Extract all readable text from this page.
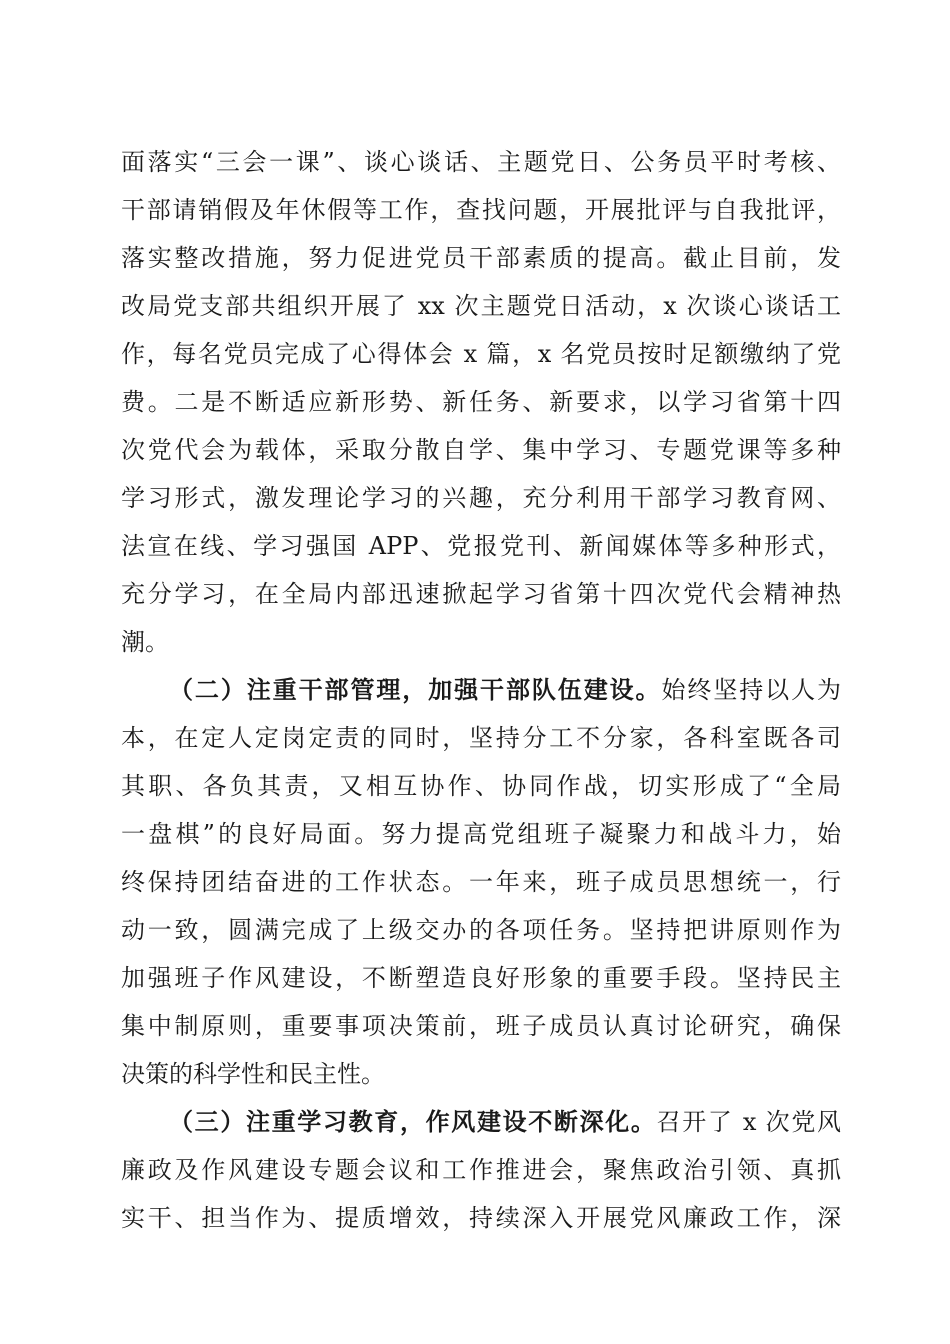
面落实“三会一课”、谈心谈话、主题党日、公务员平时考核、
干部请销假及年休假等工作，查找问题，开展批评与自我批评，
落实整改措施，努力促进党员干部素质的提高。截止目前，发
改局党支部共组织开展了 xx 次主题党日活动，x 次谈心谈话工
作，每名党员完成了心得体会 x 篇，x 名党员按时足额缴纳了党
费。二是不断适应新形势、新任务、新要求，以学习省第十四
次党代会为载体，采取分散自学、集中学习、专题党课等多种
学习形式，激发理论学习的兴趣，充分利用干部学习教育网、
法宣在线、学习强国 APP、党报党刊、新闻媒体等多种形式，
充分学习，在全局内部迅速掀起学习省第十四次党代会精神热
潮。
（二）注重干部管理，加强干部队伍建设。始终坚持以人为
本，在定人定岗定责的同时，坚持分工不分家，各科室既各司
其职、各负其责，又相互协作、协同作战，切实形成了“全局
一盘棋”的良好局面。努力提高党组班子凝聚力和战斗力，始
终保持团结奋进的工作状态。一年来，班子成员思想统一，行
动一致，圆满完成了上级交办的各项任务。坚持把讲原则作为
加强班子作风建设，不断塑造良好形象的重要手段。坚持民主
集中制原则，重要事项决策前，班子成员认真讨论研究，确保
决策的科学性和民主性。
（三）注重学习教育，作风建设不断深化。召开了 x 次党风
廉政及作风建设专题会议和工作推进会，聚焦政治引领、真抓
实干、担当作为、提质增效，持续深入开展党风廉政工作，深
